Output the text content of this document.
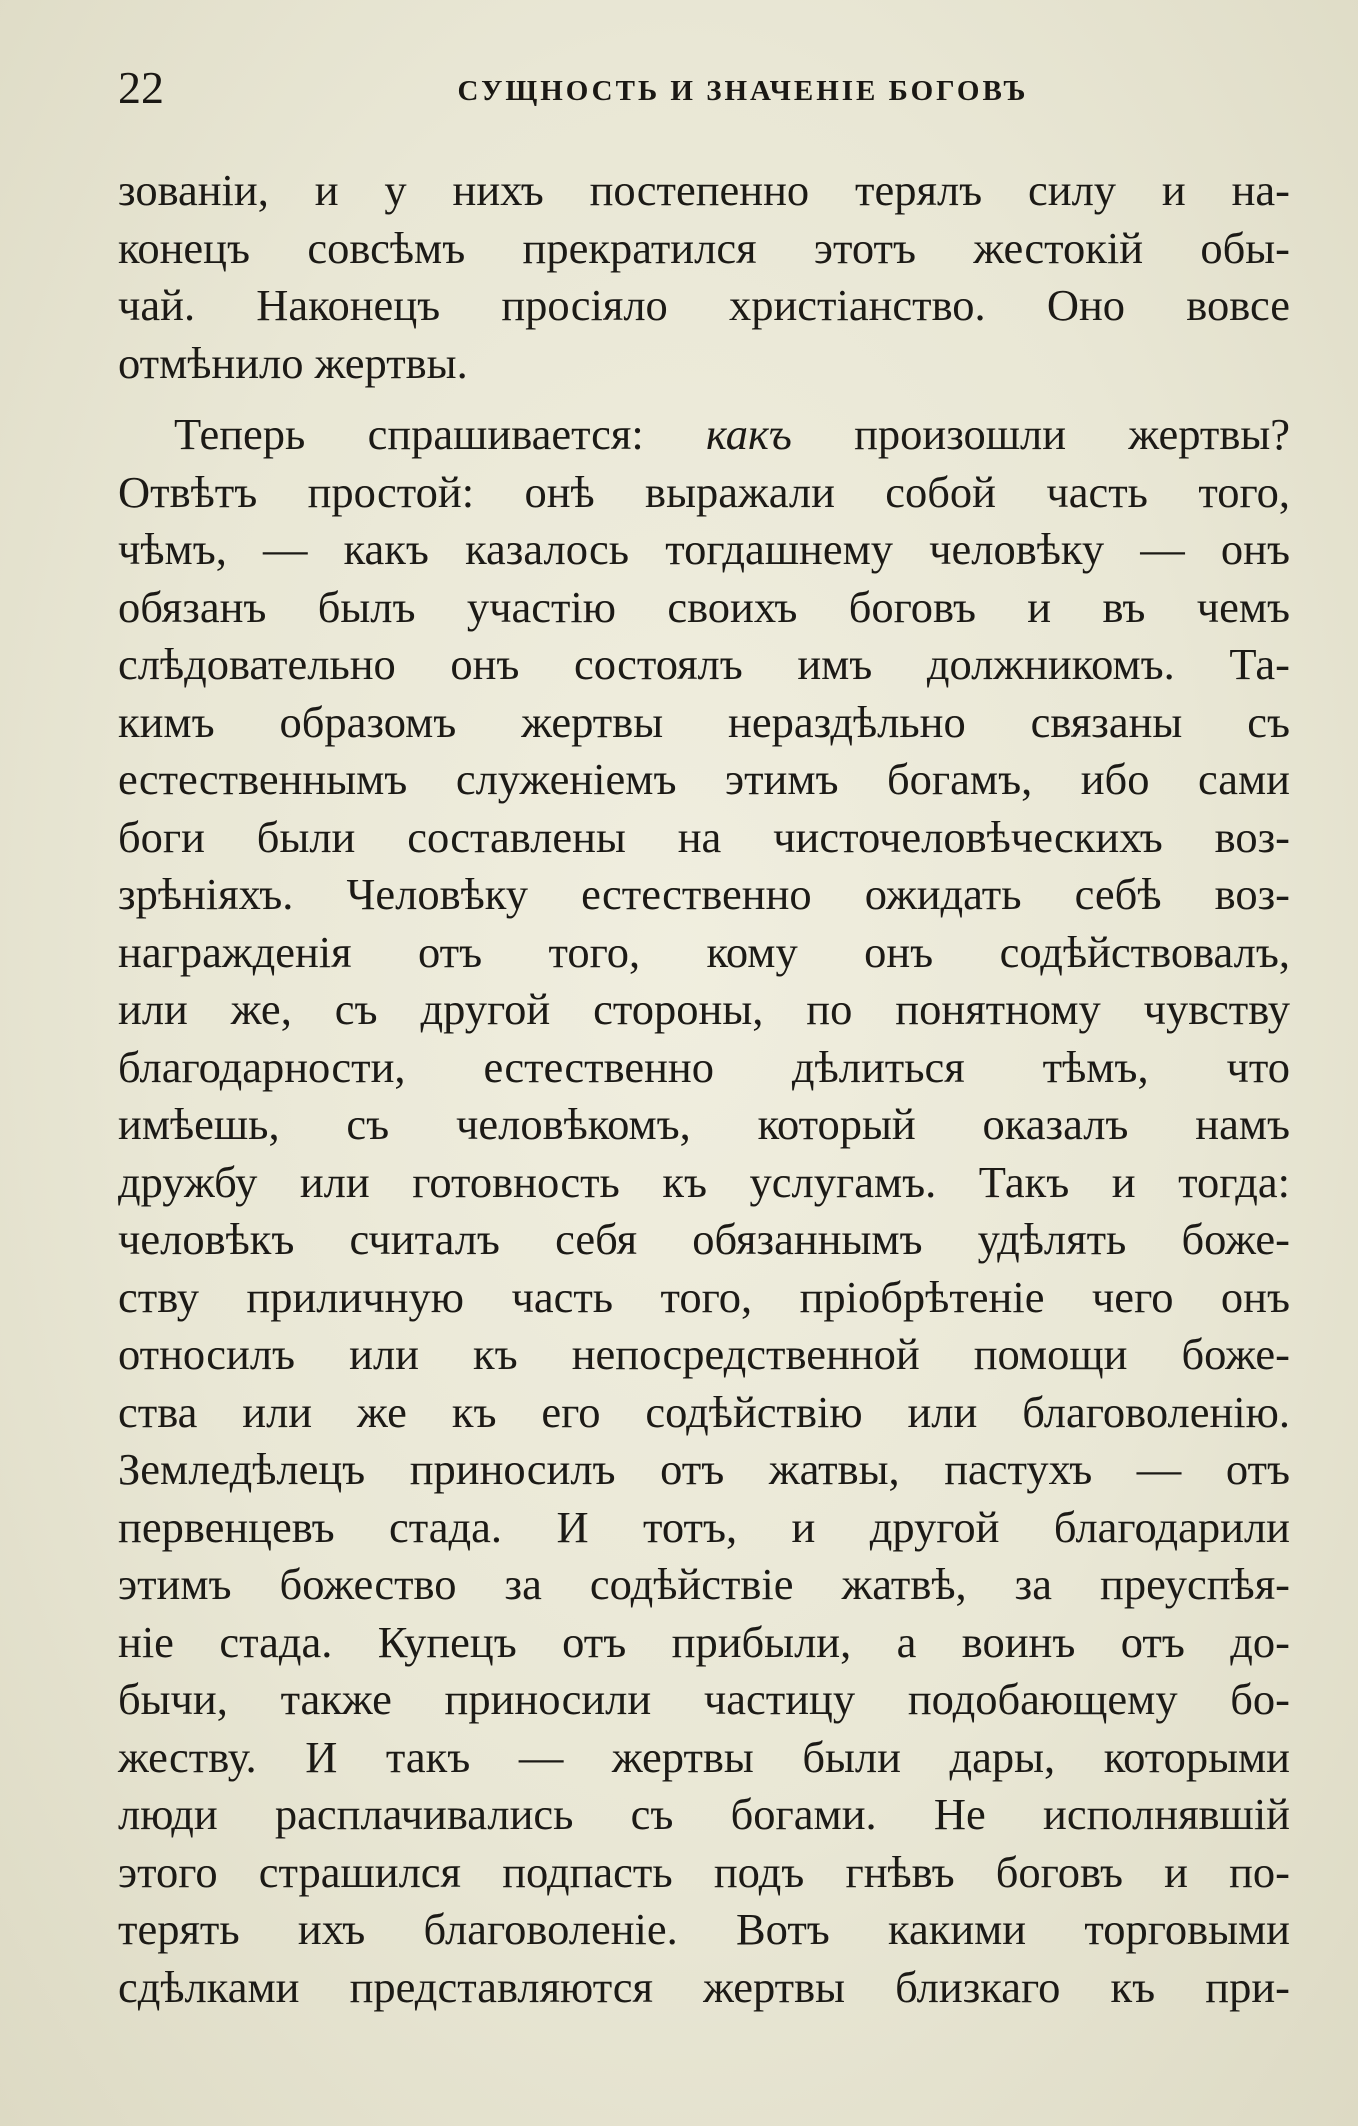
22	СУЩНОСТЬ И ЗНАЧЕНІЕ БОГОВЪ
зованіи, и у нихъ постепенно терялъ силу и на-
конецъ совсѣмъ прекратился этотъ жестокій обы-
чай. Наконецъ просіяло христіанство. Оно вовсе
отмѣнило жертвы.
Теперь спрашивается: какъ произошли жертвы?
Отвѣтъ простой: онѣ выражали собой часть того,
чѣмъ, — какъ казалось тогдашнему человѣку — онъ
обязанъ былъ участію своихъ боговъ и въ чемъ
слѣдовательно онъ состоялъ имъ должникомъ. Та-
кимъ образомъ жертвы нераздѣльно связаны съ
естественнымъ служеніемъ этимъ богамъ, ибо сами
боги были составлены на чисточеловѣческихъ воз-
зрѣніяхъ. Человѣку естественно ожидать себѣ воз-
награжденія отъ того, кому онъ содѣйствовалъ,
или же, съ другой стороны, по понятному чувству
благодарности, естественно дѣлиться тѣмъ, что
имѣешь, съ человѣкомъ, который оказалъ намъ
дружбу или готовность къ услугамъ. Такъ и тогда:
человѣкъ считалъ себя обязаннымъ удѣлять боже-
ству приличную часть того, пріобрѣтеніе чего онъ
относилъ или къ непосредственной помощи боже-
ства или же къ его содѣйствію или благоволенію.
Земледѣлецъ приносилъ отъ жатвы, пастухъ — отъ
первенцевъ стада. И тотъ, и другой благодарили
этимъ божество за содѣйствіе жатвѣ, за преуспѣя-
ніе стада. Купецъ отъ прибыли, а воинъ отъ до-
бычи, также приносили частицу подобающему бо-
жеству. И такъ — жертвы были дары, которыми
люди расплачивались съ богами. Не исполнявшій
этого страшился подпасть подъ гнѣвъ боговъ и по-
терять ихъ благоволеніе. Вотъ какими торговыми
сдѣлками представляются жертвы близкаго къ при-
